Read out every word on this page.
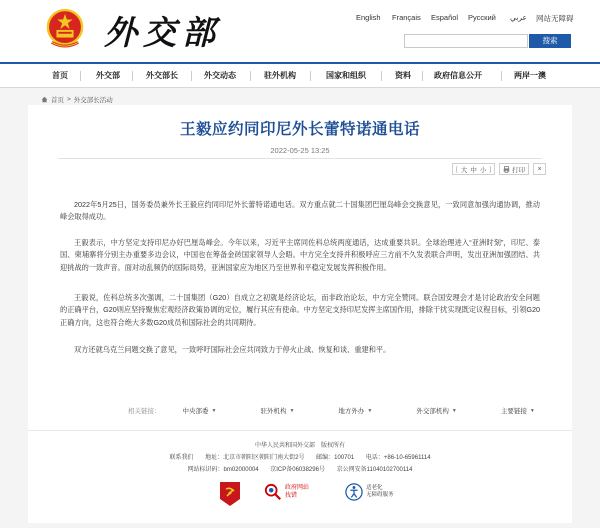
外交部	English Français Español Русский عربي 网站无障碍
搜索
首页	外交部	外交部长	外交动态	驻外机构	国家和组织	资料	政府信息公开	两岸一澳
首页 > 外交部长活动
王毅应约同印尼外长蕾特诺通电话
2022-05-25 13:25
[ 大 中 小 ]	打印	×

2022年5月25日，国务委员兼外长王毅应约同印尼外长蕾特诺通电话。双方重点就二十国集团巴厘岛峰会交换意见，一致同意加强沟通协调，推动峰会取得成功。

王毅表示，中方坚定支持印尼办好巴厘岛峰会。今年以来，习近平主席同佐科总统两度通话，达成重要共识。全球治理进入“亚洲时刻”，印尼、泰国、柬埔寨将分别主办重要多边会议，中国也在筹备金砖国家领导人会晤。中方完全支持并积极呼应三方前不久发表联合声明，发出亚洲加强团结、共迎挑战的一致声音。面对动乱频仍的国际局势，亚洲国家应为地区乃至世界和平稳定发展发挥积极作用。

王毅说，佐科总统多次强调，二十国集团（G20）自成立之初就是经济论坛，而非政治论坛，中方完全赞同。联合国安理会才是讨论政治安全问题的正确平台，G20则应坚持聚焦宏观经济政策协调的定位，履行其应有使命。中方坚定支持印尼发挥主席国作用，排除干扰实现既定议程目标，引领G20正确方向，这也符合绝大多数G20成员和国际社会的共同期待。

双方还就乌克兰问题交换了意见，一致呼吁国际社会应共同致力于停火止战、恢复和谈、重建和平。

相关链接：	中央部委 ▼	驻外机构 ▼	地方外办 ▼	外交部机构 ▼	主要链接 ▼
中华人民共和国外交部　版权所有
联系我们 地址：北京市朝阳区朝阳门南大街2号 邮编：100701 电话：+86-10-65961114
网站标识码：bm02000004 京ICP备06038296号 京公网安备11040102700114
政府网站
找错
适老化
无障碍服务
